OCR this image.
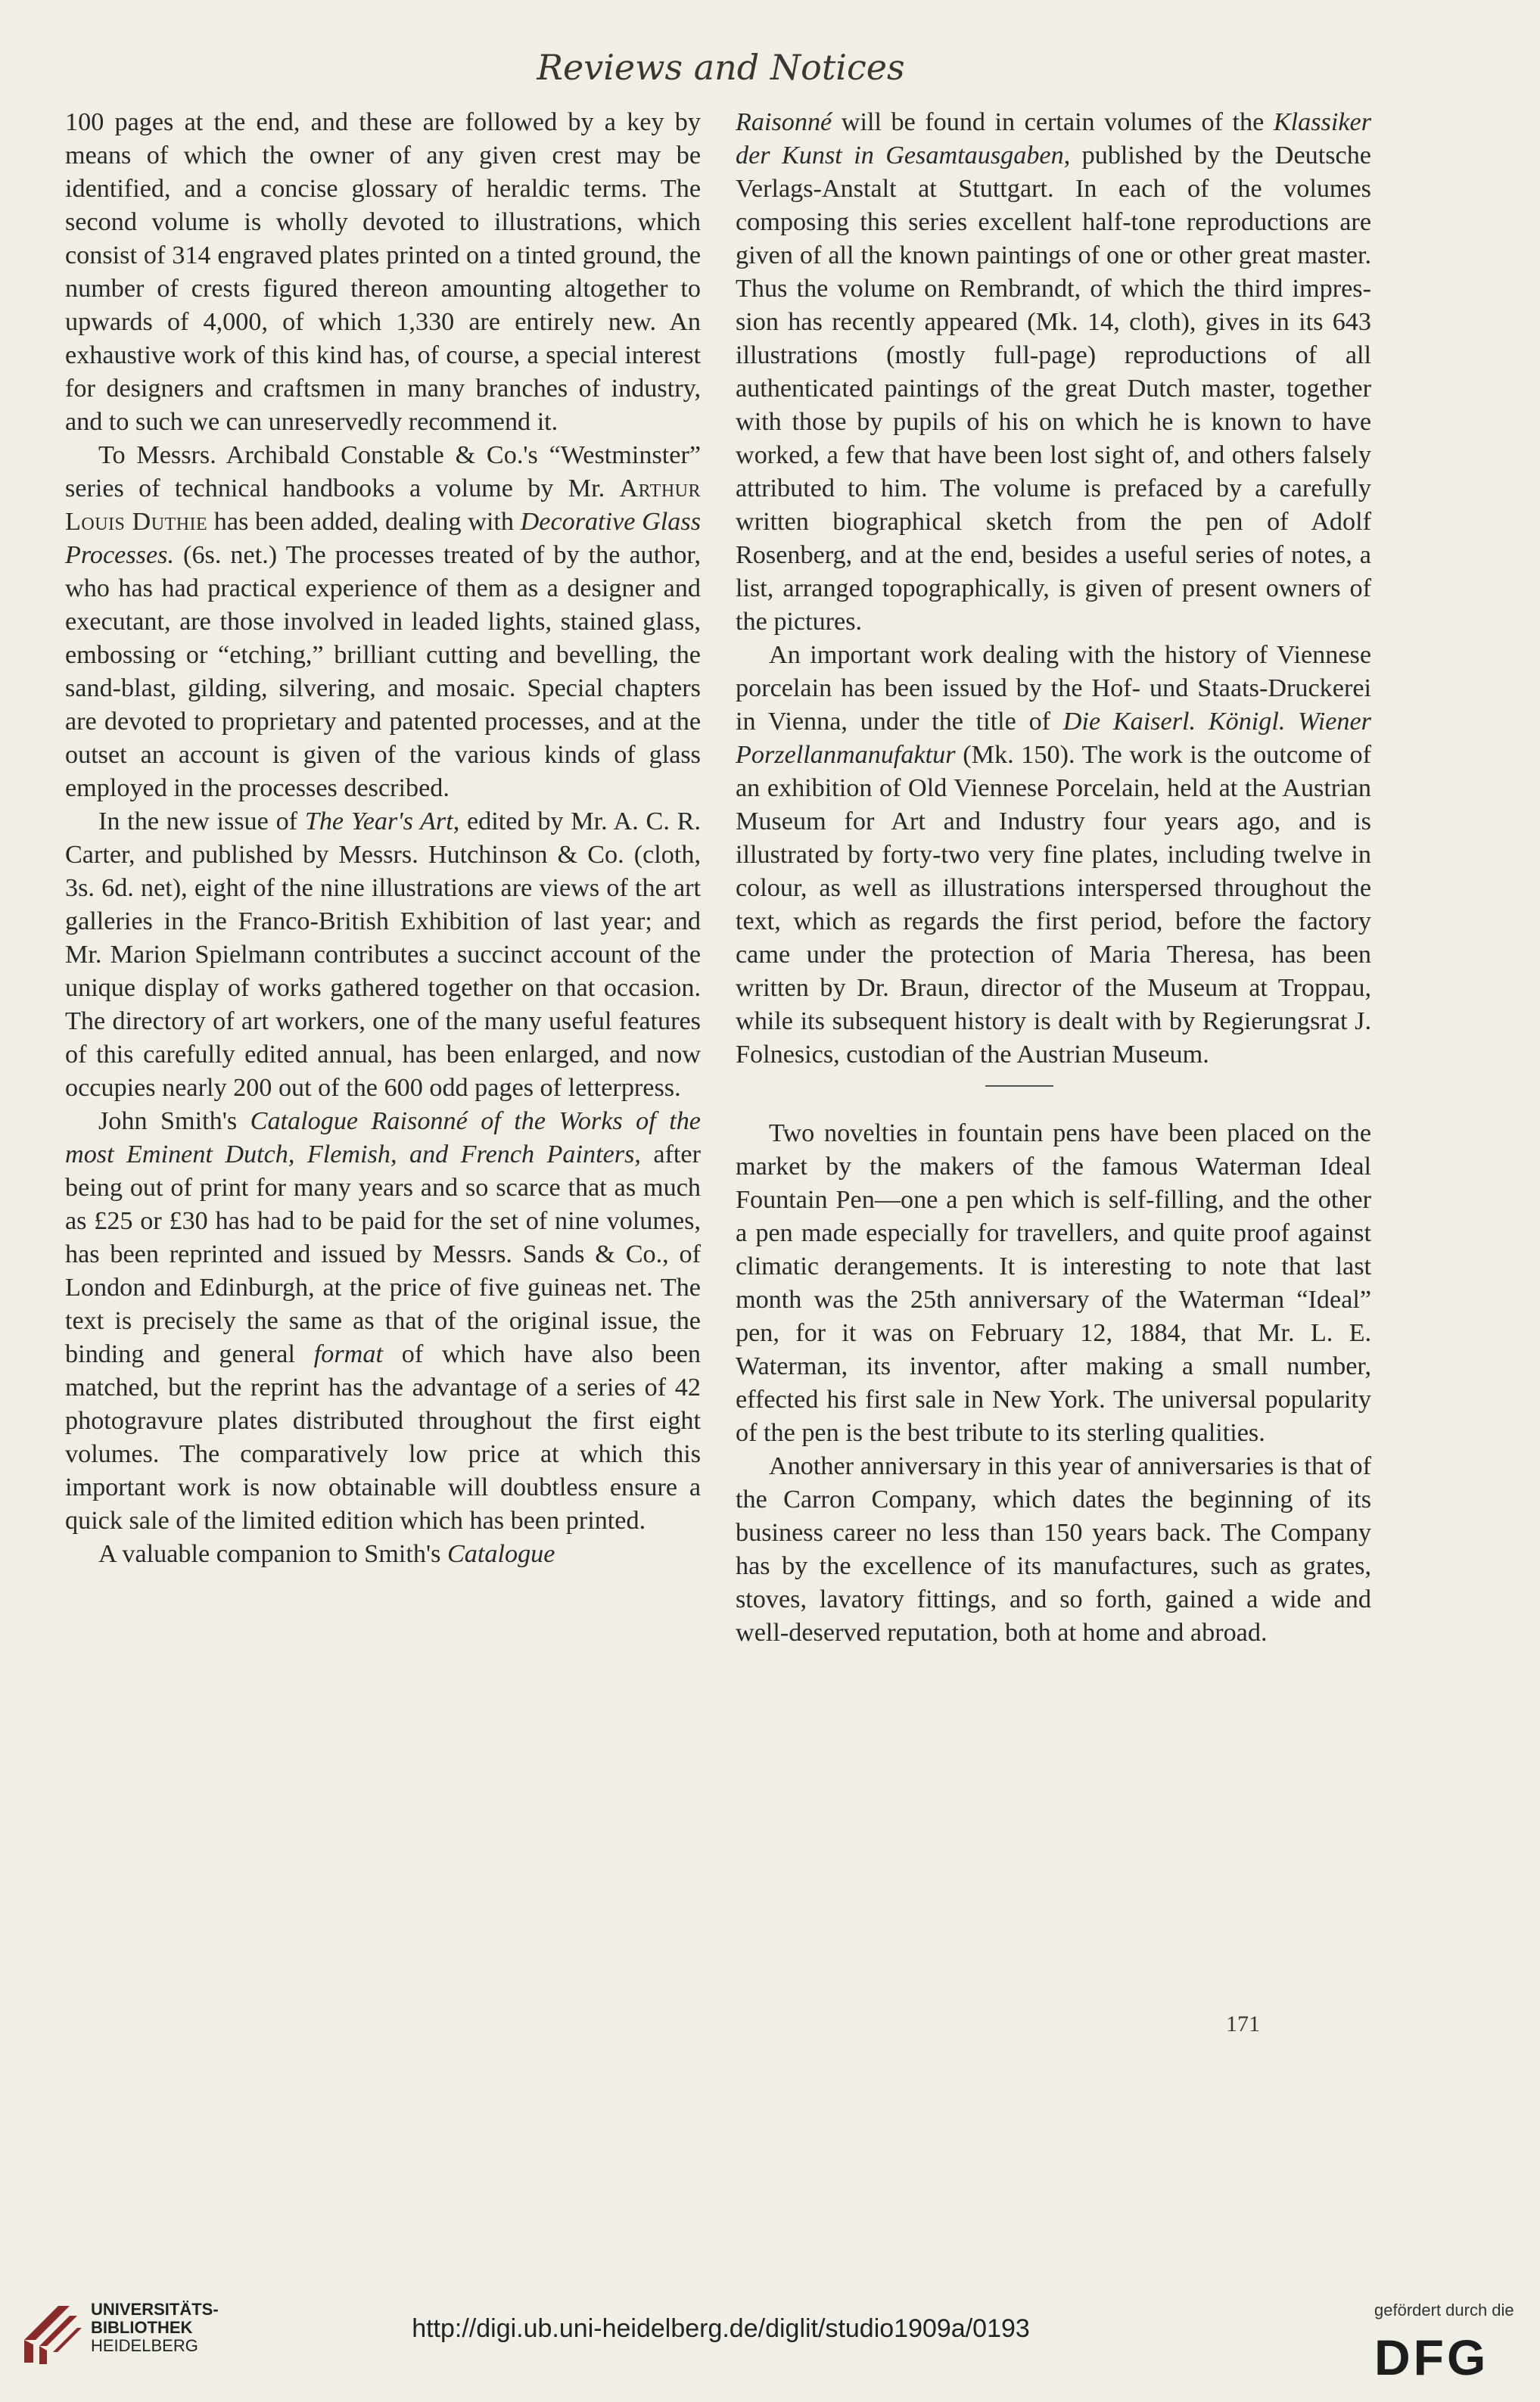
Reviews and Notices

100 pages at the end, and these are followed by a key by means of which the owner of any given crest may be identified, and a concise glossary of heraldic terms. The second volume is wholly devoted to illustrations, which consist of 314 engraved plates printed on a tinted ground, the number of crests figured thereon amounting altogether to upwards of 4,000, of which 1,330 are entirely new. An exhaustive work of this kind has, of course, a special interest for designers and craftsmen in many branches of industry, and to such we can unreservedly recommend it.

To Messrs. Archibald Constable & Co.'s “Westminster” series of technical handbooks a volume by Mr. Arthur Louis Duthie has been added, dealing with Decorative Glass Processes. (6s. net.) The processes treated of by the author, who has had practical experience of them as a designer and executant, are those involved in leaded lights, stained glass, embossing or “etching,” brilliant cutting and bevelling, the sand-blast, gilding, silvering, and mosaic. Special chapters are devoted to proprietary and patented processes, and at the outset an account is given of the various kinds of glass employed in the processes described.

In the new issue of The Year's Art, edited by Mr. A. C. R. Carter, and published by Messrs. Hutchinson & Co. (cloth, 3s. 6d. net), eight of the nine illustrations are views of the art galleries in the Franco-British Exhibition of last year; and Mr. Marion Spielmann contributes a succinct account of the unique display of works gathered together on that occasion. The directory of art workers, one of the many useful features of this carefully edited annual, has been enlarged, and now occupies nearly 200 out of the 600 odd pages of letterpress.

John Smith's Catalogue Raisonné of the Works of the most Eminent Dutch, Flemish, and French Painters, after being out of print for many years and so scarce that as much as £25 or £30 has had to be paid for the set of nine volumes, has been reprinted and issued by Messrs. Sands & Co., of London and Edinburgh, at the price of five guineas net. The text is precisely the same as that of the original issue, the binding and general format of which have also been matched, but the reprint has the advantage of a series of 42 photogravure plates distributed throughout the first eight volumes. The comparatively low price at which this important work is now obtainable will doubtless ensure a quick sale of the limited edition which has been printed.

A valuable companion to Smith's Catalogue

Raisonné will be found in certain volumes of the Klassiker der Kunst in Gesamtausgaben, published by the Deutsche Verlags-Anstalt at Stuttgart. In each of the volumes composing this series excellent half-tone reproductions are given of all the known paintings of one or other great master. Thus the volume on Rembrandt, of which the third impression has recently appeared (Mk. 14, cloth), gives in its 643 illustrations (mostly full-page) reproductions of all authenticated paintings of the great Dutch master, together with those by pupils of his on which he is known to have worked, a few that have been lost sight of, and others falsely attributed to him. The volume is prefaced by a carefully written biographical sketch from the pen of Adolf Rosenberg, and at the end, besides a useful series of notes, a list, arranged topographically, is given of present owners of the pictures.

An important work dealing with the history of Viennese porcelain has been issued by the Hof- und Staats-Druckerei in Vienna, under the title of Die Kaiserl. Königl. Wiener Porzellanmanufaktur (Mk. 150). The work is the outcome of an exhibition of Old Viennese Porcelain, held at the Austrian Museum for Art and Industry four years ago, and is illustrated by forty-two very fine plates, including twelve in colour, as well as illustrations interspersed throughout the text, which as regards the first period, before the factory came under the protection of Maria Theresa, has been written by Dr. Braun, director of the Museum at Troppau, while its subsequent history is dealt with by Regierungsrat J. Folnesics, custodian of the Austrian Museum.

Two novelties in fountain pens have been placed on the market by the makers of the famous Waterman Ideal Fountain Pen—one a pen which is self-filling, and the other a pen made especially for travellers, and quite proof against climatic derangements. It is interesting to note that last month was the 25th anniversary of the Waterman “Ideal” pen, for it was on February 12, 1884, that Mr. L. E. Waterman, its inventor, after making a small number, effected his first sale in New York. The universal popularity of the pen is the best tribute to its sterling qualities.

Another anniversary in this year of anniversaries is that of the Carron Company, which dates the beginning of its business career no less than 150 years back. The Company has by the excellence of its manufactures, such as grates, stoves, lavatory fittings, and so forth, gained a wide and well-deserved reputation, both at home and abroad.

171
UNIVERSITÄTS-
BIBLIOTHEK
HEIDELBERG
http://digi.ub.uni-heidelberg.de/diglit/studio1909a/0193
gefördert durch die
DFG
